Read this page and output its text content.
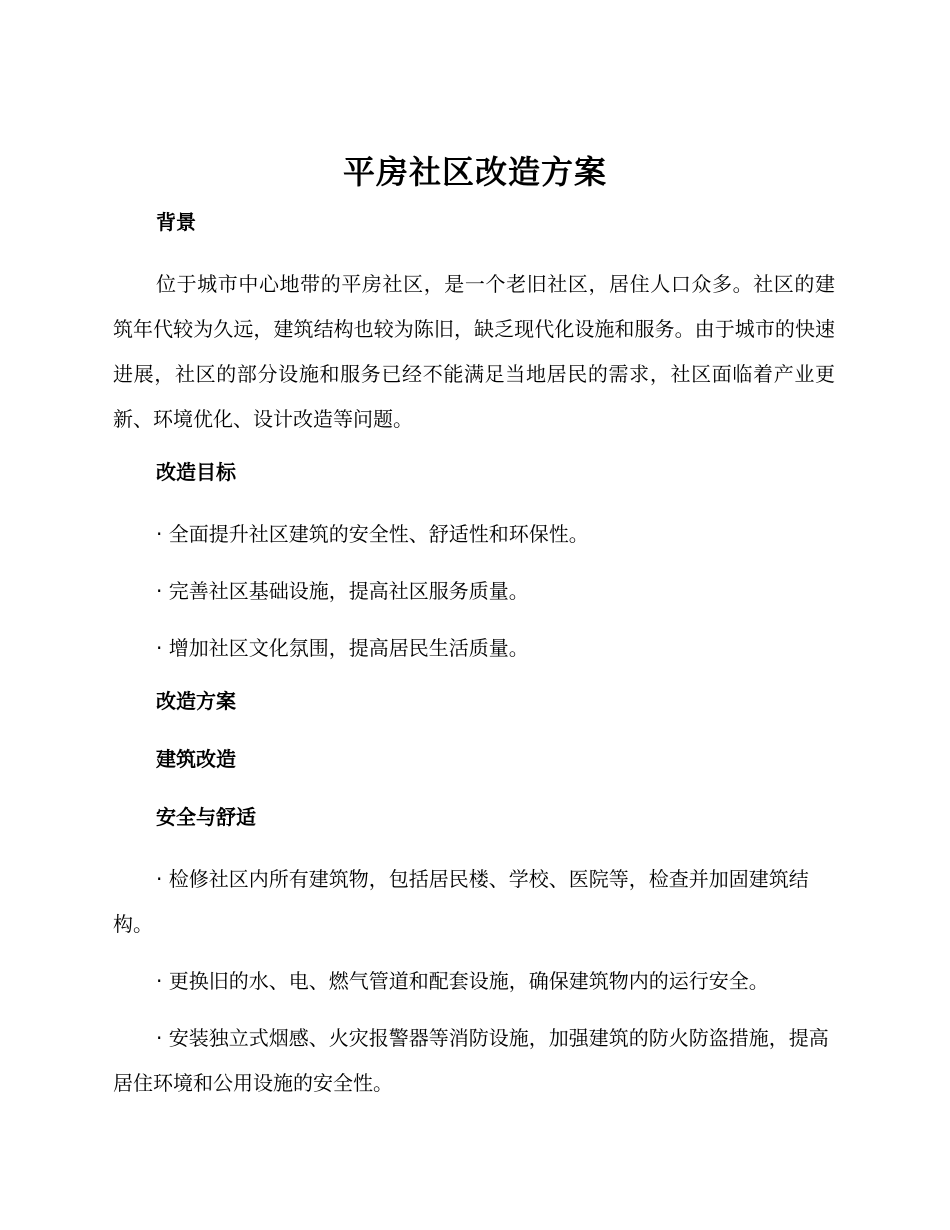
平房社区改造方案
背景
位于城市中心地带的平房社区，是一个老旧社区，居住人口众多。社区的建筑年代较为久远，建筑结构也较为陈旧，缺乏现代化设施和服务。由于城市的快速进展，社区的部分设施和服务已经不能满足当地居民的需求，社区面临着产业更新、环境优化、设计改造等问题。
改造目标
· 全面提升社区建筑的安全性、舒适性和环保性。
· 完善社区基础设施，提高社区服务质量。
· 增加社区文化氛围，提高居民生活质量。
改造方案
建筑改造
安全与舒适
· 检修社区内所有建筑物，包括居民楼、学校、医院等，检查并加固建筑结构。
· 更换旧的水、电、燃气管道和配套设施，确保建筑物内的运行安全。
· 安装独立式烟感、火灾报警器等消防设施，加强建筑的防火防盗措施，提高居住环境和公用设施的安全性。
